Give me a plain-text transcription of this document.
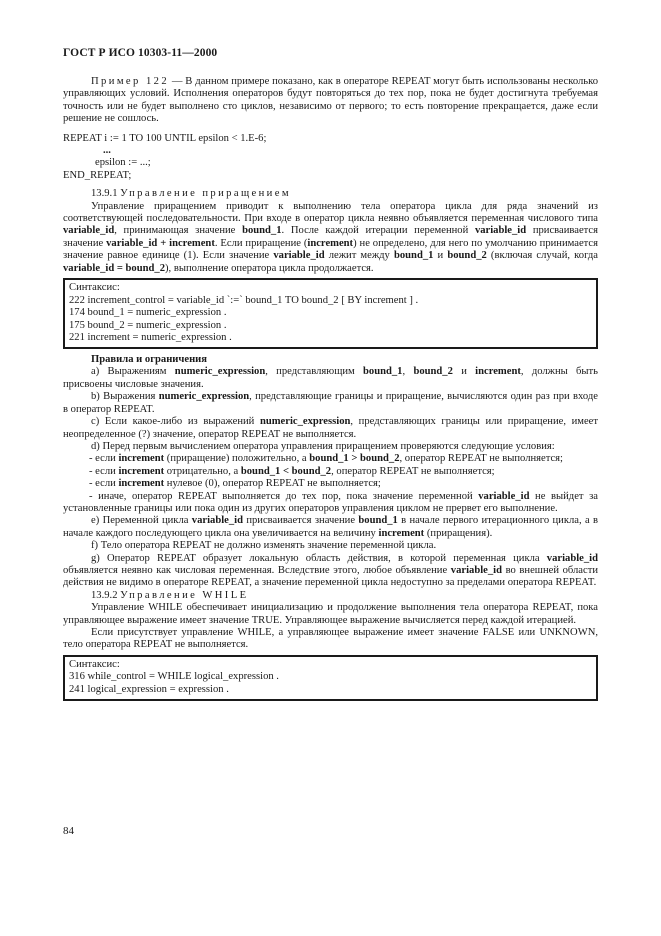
ГОСТ Р ИСО 10303-11—2000

Пример 122 — В данном примере показано, как в операторе REPEAT могут быть использованы несколько управляющих условий. Исполнения операторов будут повторяться до тех пор, пока не будет достигнута требуемая точность или не будет выполнено сто циклов, независимо от первого; то есть повторение прекращается, даже если решение не сошлось.

REPEAT i := 1 TO 100 UNTIL epsilon < 1.E-6;
...
epsilon := ...;
END_REPEAT;

13.9.1 Управление приращением

Управление приращением приводит к выполнению тела оператора цикла для ряда значений из соответствующей последовательности. При входе в оператор цикла неявно объявляется переменная числового типа variable_id, принимающая значение bound_1. После каждой итерации переменной variable_id присваивается значение variable_id + increment. Если приращение (increment) не определено, для него по умолчанию принимается значение равное единице (1). Если значение variable_id лежит между bound_1 и bound_2 (включая случай, когда variable_id = bound_2), выполнение оператора цикла продолжается.

Синтаксис:
222 increment_control = variable_id `:=` bound_1 TO bound_2 [ BY increment ] .
174 bound_1 = numeric_expression .
175 bound_2 = numeric_expression .
221 increment = numeric_expression .

Правила и ограничения

а) Выражениям numeric_expression, представляющим bound_1, bound_2 и increment, должны быть присвоены числовые значения.

b) Выражения numeric_expression, представляющие границы и приращение, вычисляются один раз при входе в оператор REPEAT.

с) Если какое-либо из выражений numeric_expression, представляющих границы или приращение, имеет неопределенное (?) значение, оператор REPEAT не выполняется.

d) Перед первым вычислением оператора управления приращением проверяются следующие условия:

- если increment (приращение) положительно, а bound_1 > bound_2, оператор REPEAT не выполняется;

- если increment отрицательно, а bound_1 < bound_2, оператор REPEAT не выполняется;

- если increment нулевое (0), оператор REPEAT не выполняется;

- иначе, оператор REPEAT выполняется до тех пор, пока значение переменной variable_id не выйдет за установленные границы или пока один из других операторов управления циклом не прервет его выполнение.

е) Переменной цикла variable_id присваивается значение bound_1 в начале первого итерационного цикла, а в начале каждого последующего цикла она увеличивается на величину increment (приращения).

f) Тело оператора REPEAT не должно изменять значение переменной цикла.

g) Оператор REPEAT образует локальную область действия, в которой переменная цикла variable_id объявляется неявно как числовая переменная. Вследствие этого, любое объявление variable_id во внешней области действия не видимо в операторе REPEAT, а значение переменной цикла недоступно за пределами оператора REPEAT.

13.9.2 Управление WHILE

Управление WHILE обеспечивает инициализацию и продолжение выполнения тела оператора REPEAT, пока управляющее выражение имеет значение TRUE. Управляющее выражение вычисляется перед каждой итерацией.

Если присутствует управление WHILE, а управляющее выражение имеет значение FALSE или UNKNOWN, тело оператора REPEAT не выполняется.

Синтаксис:
316 while_control = WHILE logical_expression .
241 logical_expression = expression .
84
